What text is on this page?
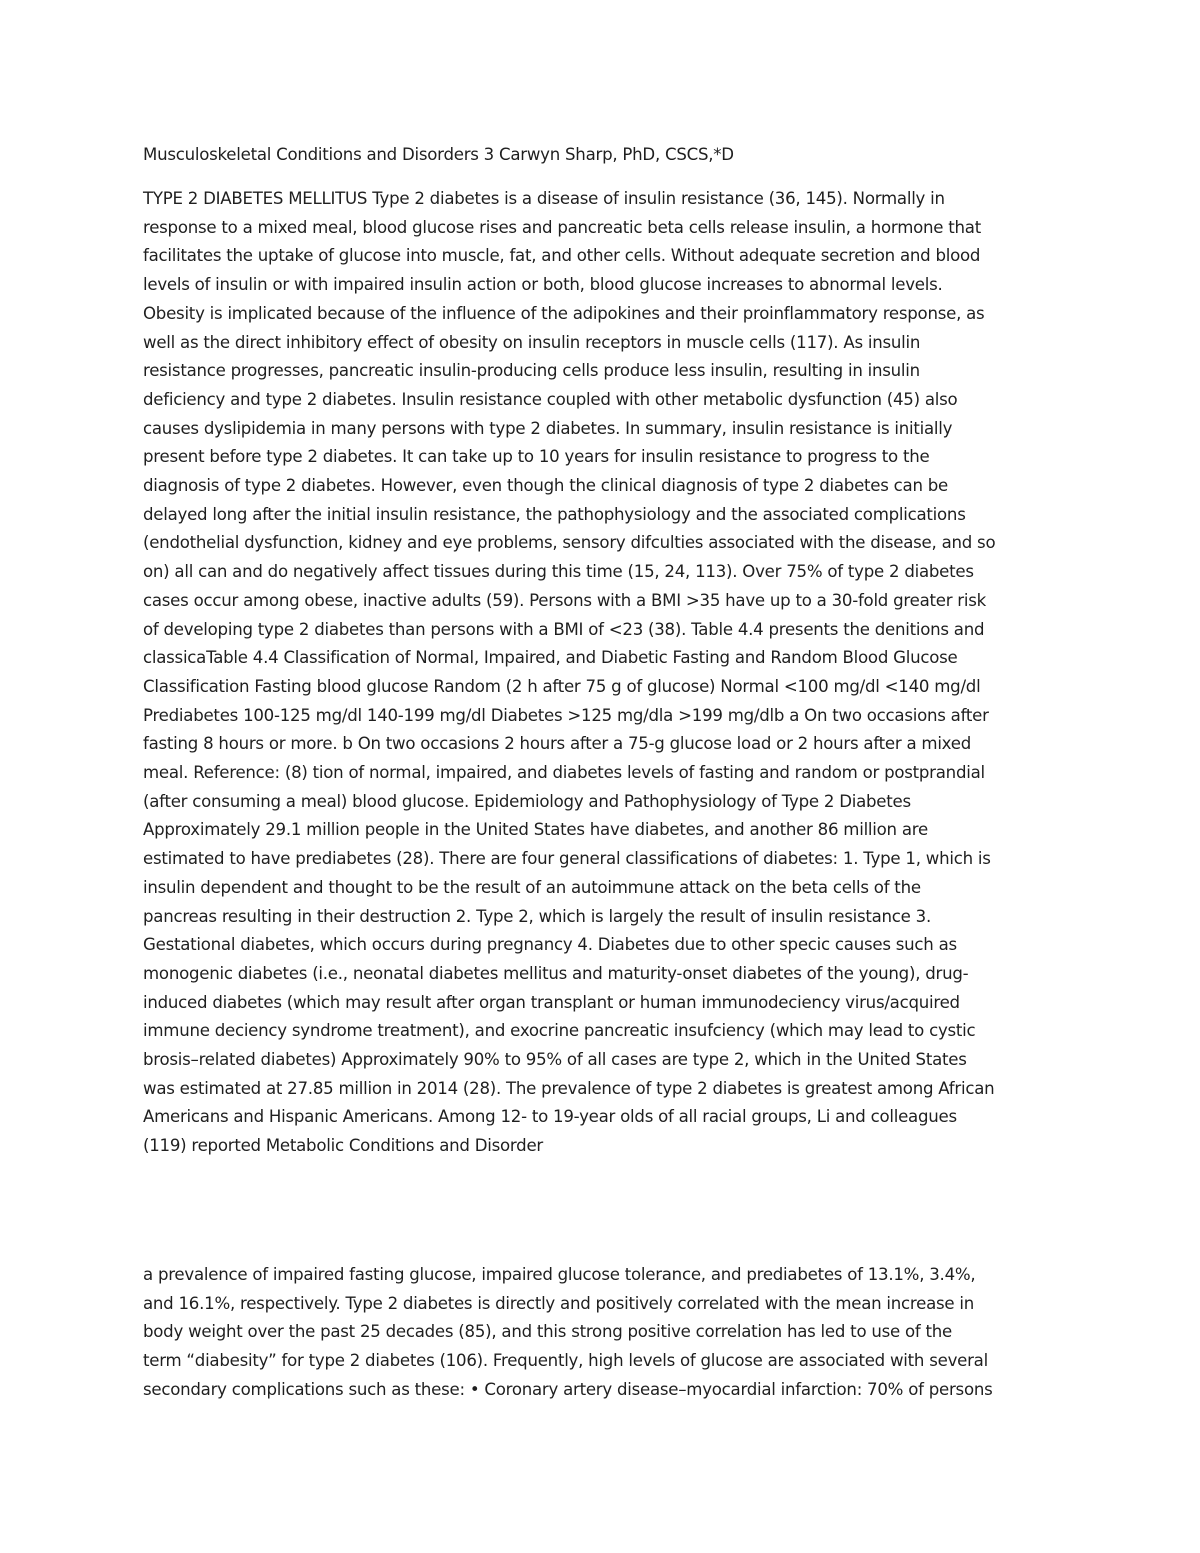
Musculoskeletal Conditions and Disorders 3 Carwyn Sharp, PhD, CSCS,*D

TYPE 2 DIABETES MELLITUS Type 2 diabetes is a disease of insulin resistance (36, 145). Normally in

response to a mixed meal, blood glucose rises and pancreatic beta cells release insulin, a hormone that

facilitates the uptake of glucose into muscle, fat, and other cells. Without adequate secretion and blood

levels of insulin or with impaired insulin action or both, blood glucose increases to abnormal levels.

Obesity is implicated because of the influence of the adipokines and their proinflammatory response, as

well as the direct inhibitory effect of obesity on insulin receptors in muscle cells (117). As insulin

resistance progresses, pancreatic insulin-producing cells produce less insulin, resulting in insulin

deficiency and type 2 diabetes. Insulin resistance coupled with other metabolic dysfunction (45) also

causes dyslipidemia in many persons with type 2 diabetes. In summary, insulin resistance is initially

present before type 2 diabetes. It can take up to 10 years for insulin resistance to progress to the

diagnosis of type 2 diabetes. However, even though the clinical diagnosis of type 2 diabetes can be

delayed long after the initial insulin resistance, the pathophysiology and the associated complications

(endothelial dysfunction, kidney and eye problems, sensory difculties associated with the disease, and so

on) all can and do negatively affect tissues during this time (15, 24, 113). Over 75% of type 2 diabetes

cases occur among obese, inactive adults (59). Persons with a BMI >35 have up to a 30-fold greater risk

of developing type 2 diabetes than persons with a BMI of <23 (38). Table 4.4 presents the denitions and

classicaTable 4.4 Classification of Normal, Impaired, and Diabetic Fasting and Random Blood Glucose

Classification Fasting blood glucose Random (2 h after 75 g of glucose) Normal <100 mg/dl <140 mg/dl

Prediabetes 100-125 mg/dl 140-199 mg/dl Diabetes >125 mg/dla >199 mg/dlb a On two occasions after

fasting 8 hours or more. b On two occasions 2 hours after a 75-g glucose load or 2 hours after a mixed

meal. Reference: (8) tion of normal, impaired, and diabetes levels of fasting and random or postprandial

(after consuming a meal) blood glucose. Epidemiology and Pathophysiology of Type 2 Diabetes

Approximately 29.1 million people in the United States have diabetes, and another 86 million are

estimated to have prediabetes (28). There are four general classifications of diabetes: 1. Type 1, which is

insulin dependent and thought to be the result of an autoimmune attack on the beta cells of the

pancreas resulting in their destruction 2. Type 2, which is largely the result of insulin resistance 3.

Gestational diabetes, which occurs during pregnancy 4. Diabetes due to other specic causes such as

monogenic diabetes (i.e., neonatal diabetes mellitus and maturity-onset diabetes of the young), drug-

induced diabetes (which may result after organ transplant or human immunodeciency virus/acquired

immune deciency syndrome treatment), and exocrine pancreatic insufciency (which may lead to cystic

brosis–related diabetes) Approximately 90% to 95% of all cases are type 2, which in the United States

was estimated at 27.85 million in 2014 (28). The prevalence of type 2 diabetes is greatest among African

Americans and Hispanic Americans. Among 12- to 19-year olds of all racial groups, Li and colleagues

(119) reported Metabolic Conditions and Disorder

a prevalence of impaired fasting glucose, impaired glucose tolerance, and prediabetes of 13.1%, 3.4%,

and 16.1%, respectively. Type 2 diabetes is directly and positively correlated with the mean increase in

body weight over the past 25 decades (85), and this strong positive correlation has led to use of the

term “diabesity” for type 2 diabetes (106). Frequently, high levels of glucose are associated with several

secondary complications such as these: • Coronary artery disease–myocardial infarction: 70% of persons
